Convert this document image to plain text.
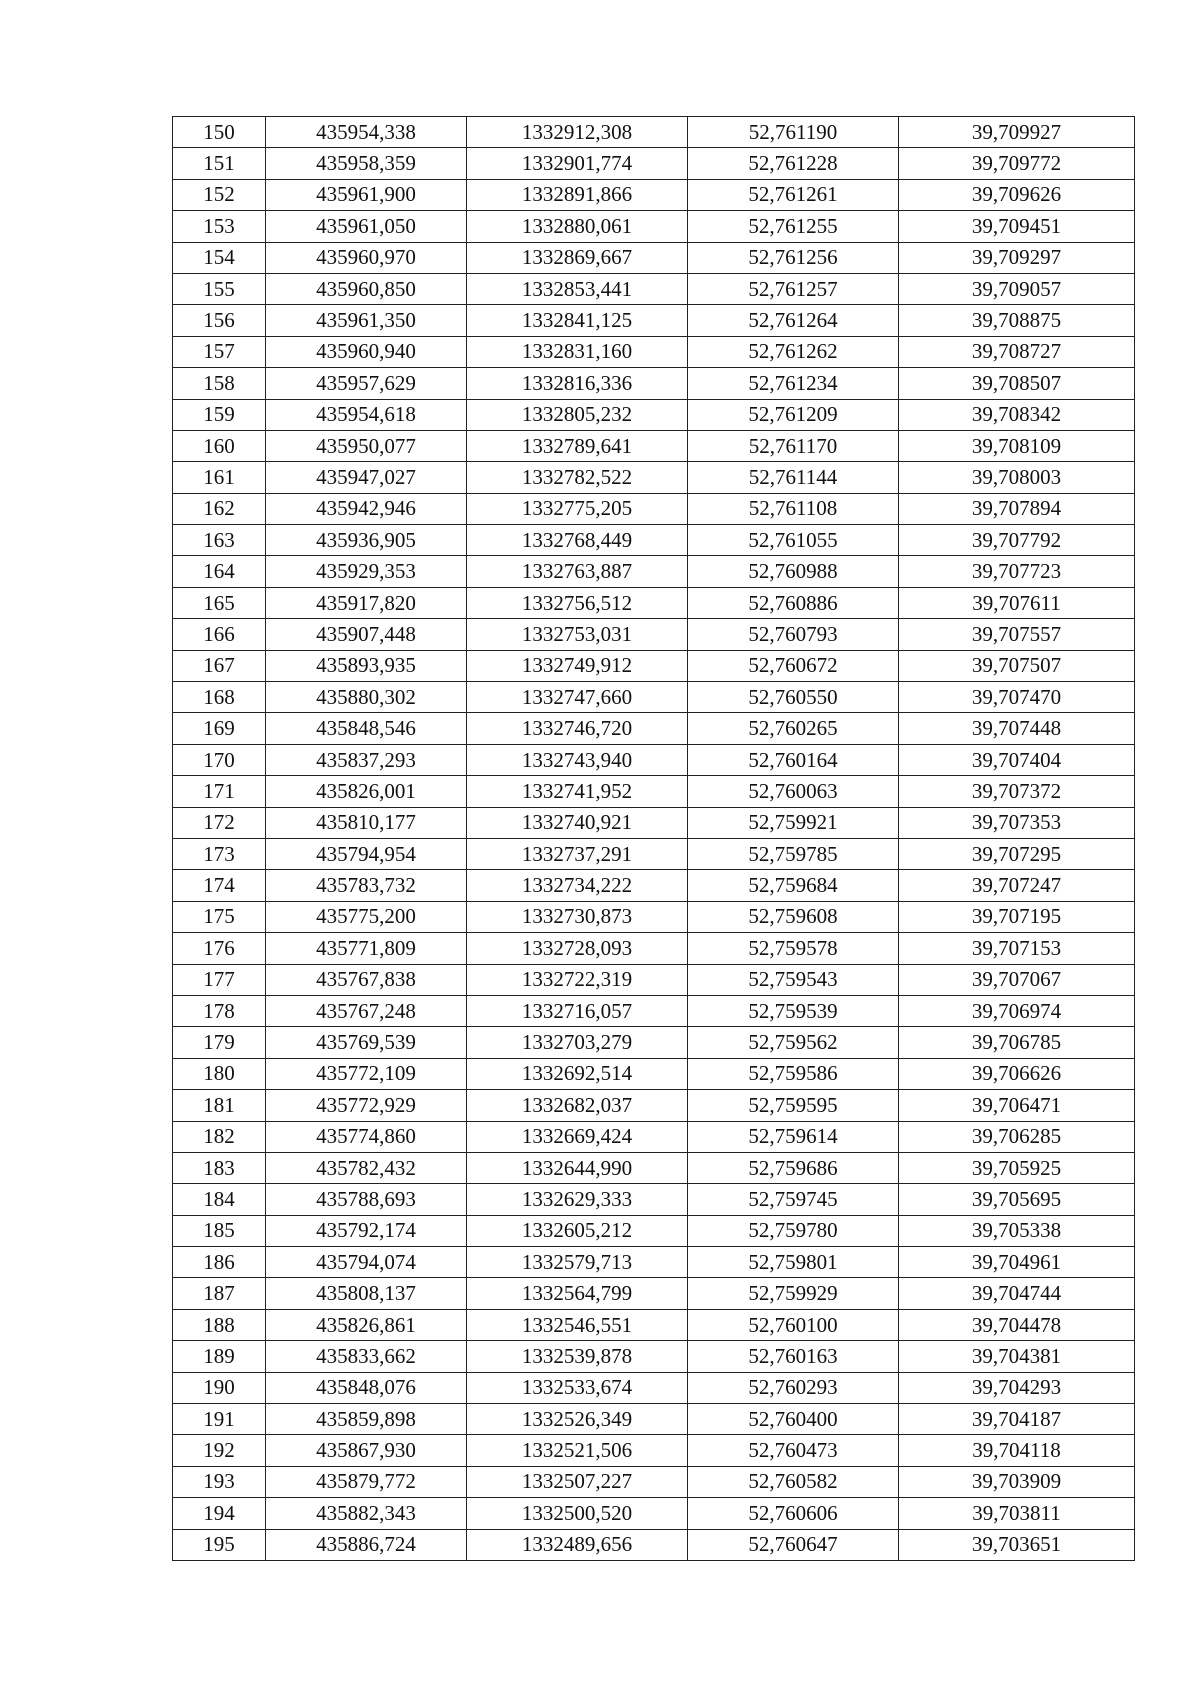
150	435954,338	1332912,308	52,761190	39,709927
151	435958,359	1332901,774	52,761228	39,709772
152	435961,900	1332891,866	52,761261	39,709626
153	435961,050	1332880,061	52,761255	39,709451
154	435960,970	1332869,667	52,761256	39,709297
155	435960,850	1332853,441	52,761257	39,709057
156	435961,350	1332841,125	52,761264	39,708875
157	435960,940	1332831,160	52,761262	39,708727
158	435957,629	1332816,336	52,761234	39,708507
159	435954,618	1332805,232	52,761209	39,708342
160	435950,077	1332789,641	52,761170	39,708109
161	435947,027	1332782,522	52,761144	39,708003
162	435942,946	1332775,205	52,761108	39,707894
163	435936,905	1332768,449	52,761055	39,707792
164	435929,353	1332763,887	52,760988	39,707723
165	435917,820	1332756,512	52,760886	39,707611
166	435907,448	1332753,031	52,760793	39,707557
167	435893,935	1332749,912	52,760672	39,707507
168	435880,302	1332747,660	52,760550	39,707470
169	435848,546	1332746,720	52,760265	39,707448
170	435837,293	1332743,940	52,760164	39,707404
171	435826,001	1332741,952	52,760063	39,707372
172	435810,177	1332740,921	52,759921	39,707353
173	435794,954	1332737,291	52,759785	39,707295
174	435783,732	1332734,222	52,759684	39,707247
175	435775,200	1332730,873	52,759608	39,707195
176	435771,809	1332728,093	52,759578	39,707153
177	435767,838	1332722,319	52,759543	39,707067
178	435767,248	1332716,057	52,759539	39,706974
179	435769,539	1332703,279	52,759562	39,706785
180	435772,109	1332692,514	52,759586	39,706626
181	435772,929	1332682,037	52,759595	39,706471
182	435774,860	1332669,424	52,759614	39,706285
183	435782,432	1332644,990	52,759686	39,705925
184	435788,693	1332629,333	52,759745	39,705695
185	435792,174	1332605,212	52,759780	39,705338
186	435794,074	1332579,713	52,759801	39,704961
187	435808,137	1332564,799	52,759929	39,704744
188	435826,861	1332546,551	52,760100	39,704478
189	435833,662	1332539,878	52,760163	39,704381
190	435848,076	1332533,674	52,760293	39,704293
191	435859,898	1332526,349	52,760400	39,704187
192	435867,930	1332521,506	52,760473	39,704118
193	435879,772	1332507,227	52,760582	39,703909
194	435882,343	1332500,520	52,760606	39,703811
195	435886,724	1332489,656	52,760647	39,703651
